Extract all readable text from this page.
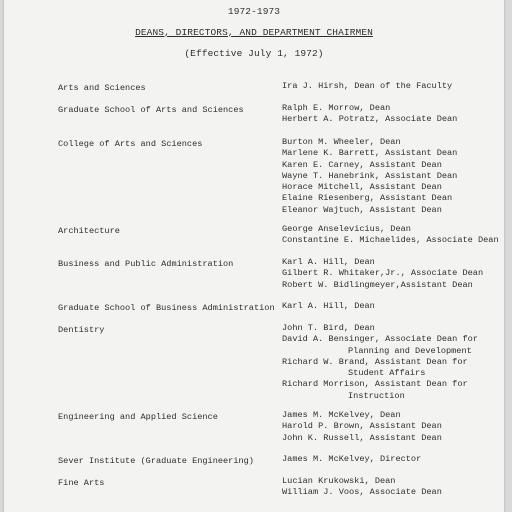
1972-1973
DEANS, DIRECTORS, AND DEPARTMENT CHAIRMEN
(Effective July 1, 1972)
Arts and Sciences	Ira J. Hirsh, Dean of the Faculty
Graduate School of Arts and Sciences	Ralph E. Morrow, Dean
Herbert A. Potratz, Associate Dean
College of Arts and Sciences	Burton M. Wheeler, Dean
Marlene K. Barrett, Assistant Dean
Karen E. Carney, Assistant Dean
Wayne T. Hanebrink, Assistant Dean
Horace Mitchell, Assistant Dean
Elaine Riesenberg, Assistant Dean
Eleanor Wajtuch, Assistant Dean
Architecture	George Anselevicius, Dean
Constantine E. Michaelides, Associate Dean
Business and Public Administration	Karl A. Hill, Dean
Gilbert R. Whitaker,Jr., Associate Dean
Robert W. Bidlingmeyer,Assistant Dean
Graduate School of Business Administration Karl A. Hill, Dean
Dentistry	John T. Bird, Dean
David A. Bensinger, Associate Dean for
Planning and Development
Richard W. Brand, Assistant Dean for
Student Affairs
Richard Morrison, Assistant Dean for
Instruction
Engineering and Applied Science	James M. McKelvey, Dean
Harold P. Brown, Assistant Dean
John K. Russell, Assistant Dean
Sever Institute (Graduate Engineering)	James M. McKelvey, Director
Fine Arts	Lucian Krukowski, Dean
William J. Voos, Associate Dean
